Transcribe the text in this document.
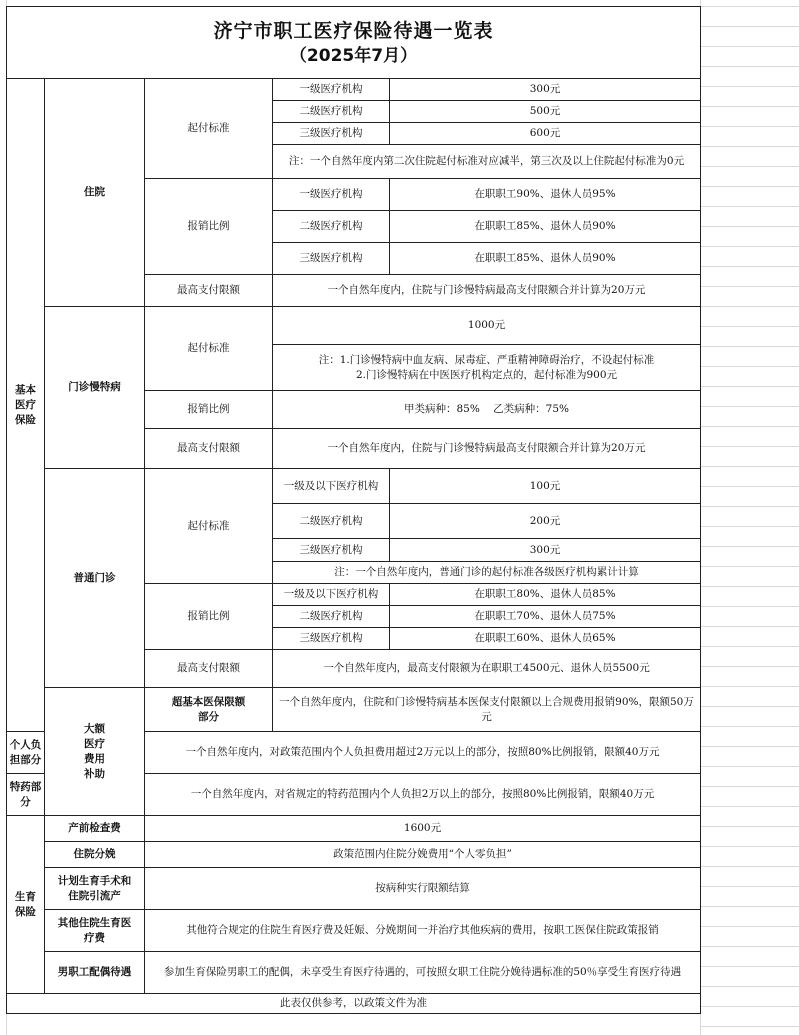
济宁市职工医疗保险待遇一览表
（2025年7月）				

基本
医疗
保险	住院	起付标准	一级医疗机构	300元
			二级医疗机构	500元
			三级医疗机构	600元
			注：一个自然年度内第二次住院起付标准对应减半，第三次及以上住院起付标准为0元	
		报销比例	一级医疗机构	在职职工90%、退休人员95%
			二级医疗机构	在职职工85%、退休人员90%
			三级医疗机构	在职职工85%、退休人员90%
		最高支付限额	一个自然年度内，住院与门诊慢特病最高支付限额合并计算为20万元	
	门诊慢特病	起付标准	1000元	

			注：1.门诊慢特病中血友病、尿毒症、严重精神障碍治疗，不设起付标准
2.门诊慢特病在中医医疗机构定点的，起付标准为900元	

		报销比例	甲类病种：85%    乙类病种：75%	
		最高支付限额	一个自然年度内，住院与门诊慢特病最高支付限额合并计算为20万元	
	普通门诊	起付标准	一级及以下医疗机构	100元
			二级医疗机构	200元
			三级医疗机构	300元
			注：一个自然年度内，普通门诊的起付标准各级医疗机构累计计算	
		报销比例	一级及以下医疗机构	在职职工80%、退休人员85%
			二级医疗机构	在职职工70%、退休人员75%
			三级医疗机构	在职职工60%、退休人员65%
		最高支付限额	一个自然年度内，最高支付限额为在职职工4500元、退休人员5500元	

	大额
医疗
费用
补助	超基本医保限额
部分	一个自然年度内，住院和门诊慢特病基本医保支付限额以上合规费用报销90%，限额50万元	
个人负担部分		一个自然年度内，对政策范围内个人负担费用超过2万元以上的部分，按照80%比例报销，限额40万元		
特药部分		一个自然年度内，对省规定的特药范围内个人负担2万以上的部分，按照80%比例报销，限额40万元		

生育
保险	产前检查费	1600元		
	住院分娩	政策范围内住院分娩费用“个人零负担”		
	计划生育手术和
住院引流产	按病种实行限额结算		
	其他住院生育医
疗费	其他符合规定的住院生育医疗费及妊娠、分娩期间一并治疗其他疾病的费用，按职工医保住院政策报销		
	男职工配偶待遇	参加生育保险男职工的配偶，未享受生育医疗待遇的，可按照女职工住院分娩待遇标准的50％享受生育医疗待遇		
此表仅供参考，以政策文件为准				
